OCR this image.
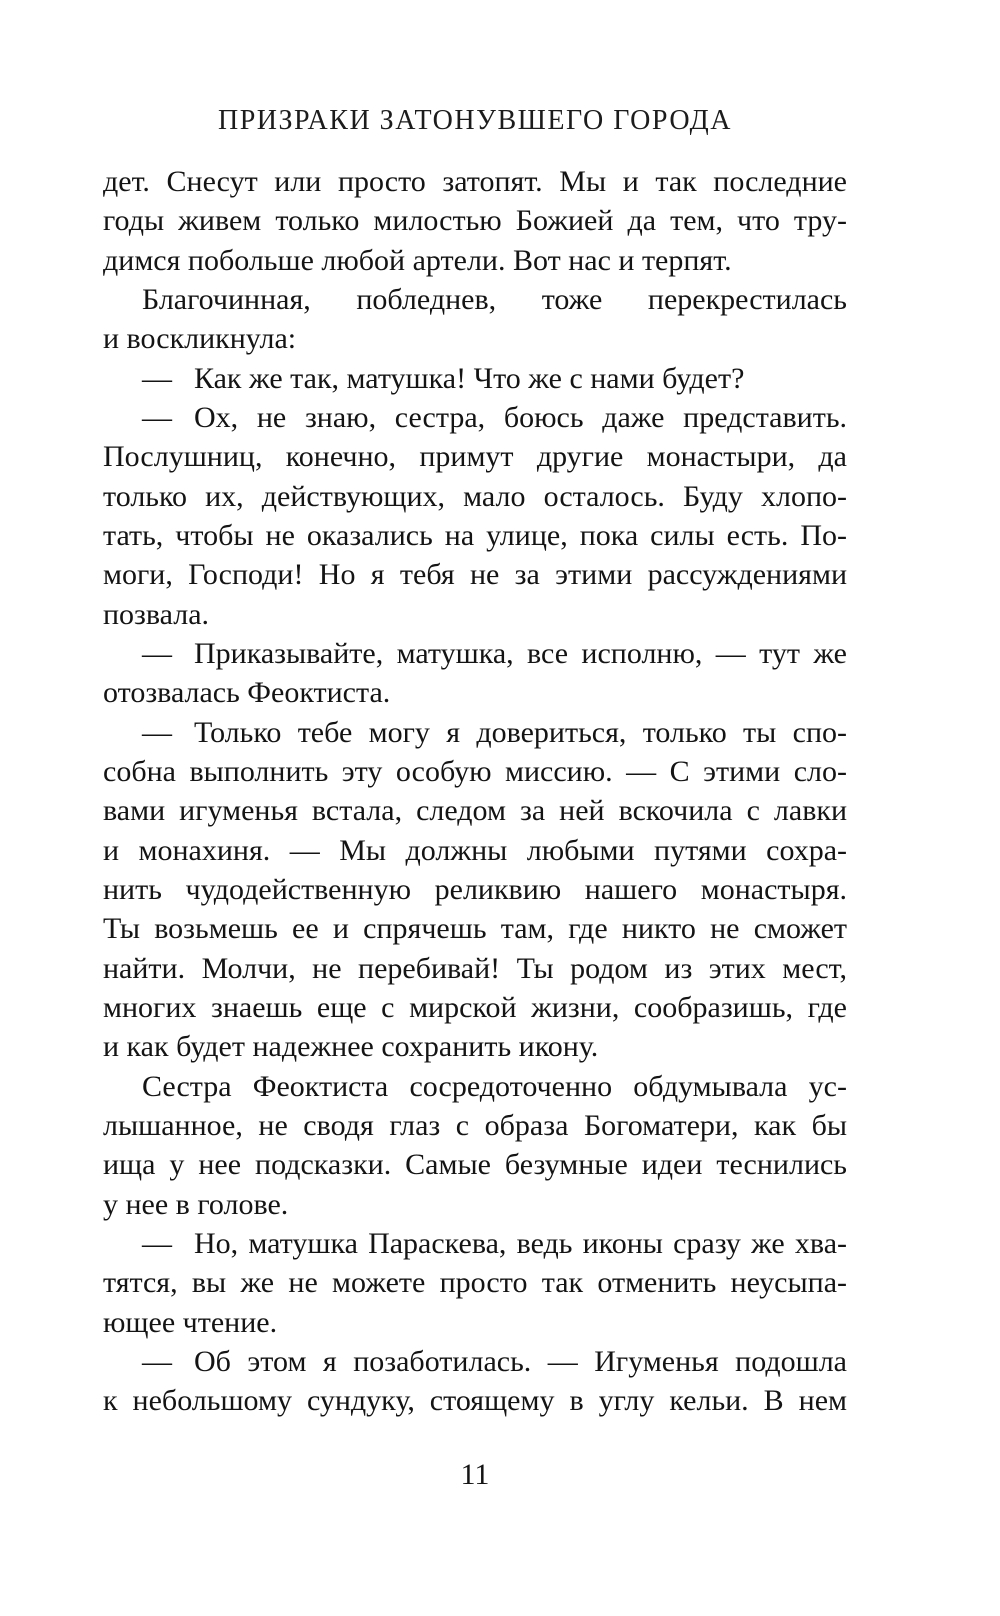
ПРИЗРАКИ ЗАТОНУВШЕГО ГОРОДА
дет. Снесут или просто затопят. Мы и так последние
годы живем только милостью Божией да тем, что тру-
димся побольше любой артели. Вот нас и терпят.
Благочинная, побледнев, тоже перекрестилась
и воскликнула:
— Как же так, матушка! Что же с нами будет?
— Ох, не знаю, сестра, боюсь даже представить.
Послушниц, конечно, примут другие монастыри, да
только их, действующих, мало осталось. Буду хлопо-
тать, чтобы не оказались на улице, пока силы есть. По-
моги, Господи! Но я тебя не за этими рассуждениями
позвала.
— Приказывайте, матушка, все исполню, — тут же
отозвалась Феоктиста.
— Только тебе могу я довериться, только ты спо-
собна выполнить эту особую миссию. — С этими сло-
вами игуменья встала, следом за ней вскочила с лавки
и монахиня. — Мы должны любыми путями сохра-
нить чудодейственную реликвию нашего монастыря.
Ты возьмешь ее и спрячешь там, где никто не сможет
найти. Молчи, не перебивай! Ты родом из этих мест,
многих знаешь еще с мирской жизни, сообразишь, где
и как будет надежнее сохранить икону.
Сестра Феоктиста сосредоточенно обдумывала ус-
лышанное, не сводя глаз с образа Богоматери, как бы
ища у нее подсказки. Самые безумные идеи теснились
у нее в голове.
— Но, матушка Параскева, ведь иконы сразу же хва-
тятся, вы же не можете просто так отменить неусыпа-
ющее чтение.
— Об этом я позаботилась. — Игуменья подошла
к небольшому сундуку, стоящему в углу кельи. В нем
11
